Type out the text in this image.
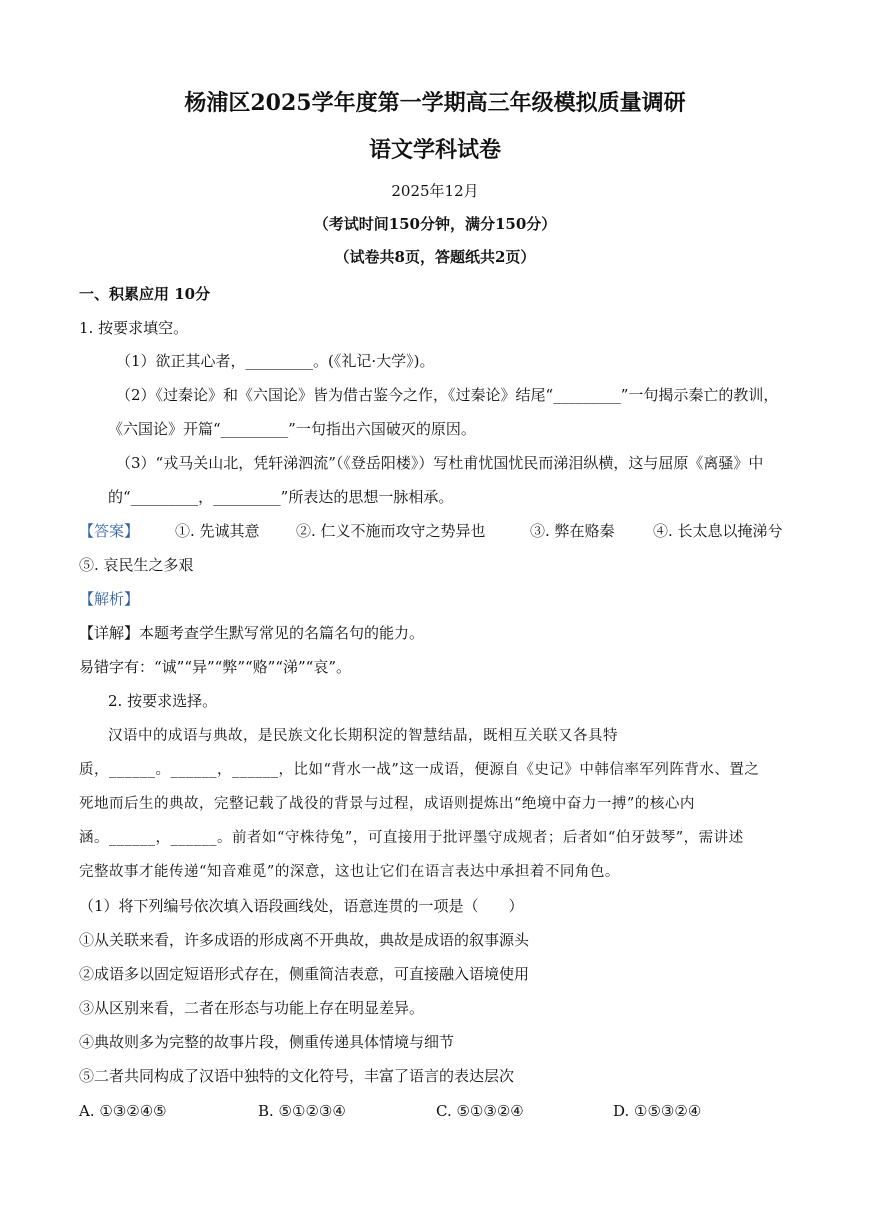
杨浦区2025学年度第一学期高三年级模拟质量调研
语文学科试卷
2025年12月
（考试时间150分钟，满分150分）
（试卷共8页，答题纸共2页）
一、积累应用 10分
1. 按要求填空。
（1）欲正其心者，_________。(《礼记·大学》)。
（2）《过秦论》和《六国论》皆为借古鉴今之作，《过秦论》结尾“_________”一句揭示秦亡的教训，
《六国论》开篇“_________”一句指出六国破灭的原因。
（3）“戎马关山北，凭轩涕泗流”（《登岳阳楼》）写杜甫忧国忧民而涕泪纵横，这与屈原《离骚》中
的“_________，_________”所表达的思想一脉相承。
【答案】 ①. 先诚其意 ②. 仁义不施而攻守之势异也	③. 弊在赂秦	④. 长太息以掩涕兮
⑤. 哀民生之多艰
【解析】
【详解】本题考查学生默写常见的名篇名句的能力。
易错字有：“诚”“异”“弊”“赂”“涕”“哀”。
2. 按要求选择。
汉语中的成语与典故，是民族文化长期积淀的智慧结晶，既相互关联又各具特
质，______。______，______，比如“背水一战”这一成语，便源自《史记》中韩信率军列阵背水、置之
死地而后生的典故，完整记载了战役的背景与过程，成语则提炼出“绝境中奋力一搏”的核心内
涵。______，______。前者如“守株待兔”，可直接用于批评墨守成规者；后者如“伯牙鼓琴”，需讲述
完整故事才能传递“知音难觅”的深意，这也让它们在语言表达中承担着不同角色。
（1）将下列编号依次填入语段画线处，语意连贯的一项是（　　）
①从关联来看，许多成语的形成离不开典故，典故是成语的叙事源头
②成语多以固定短语形式存在，侧重简洁表意，可直接融入语境使用
③从区别来看，二者在形态与功能上存在明显差异。
④典故则多为完整的故事片段，侧重传递具体情境与细节
⑤二者共同构成了汉语中独特的文化符号，丰富了语言的表达层次
A. ①③②④⑤	B. ⑤①②③④	C. ⑤①③②④	D. ①⑤③②④
